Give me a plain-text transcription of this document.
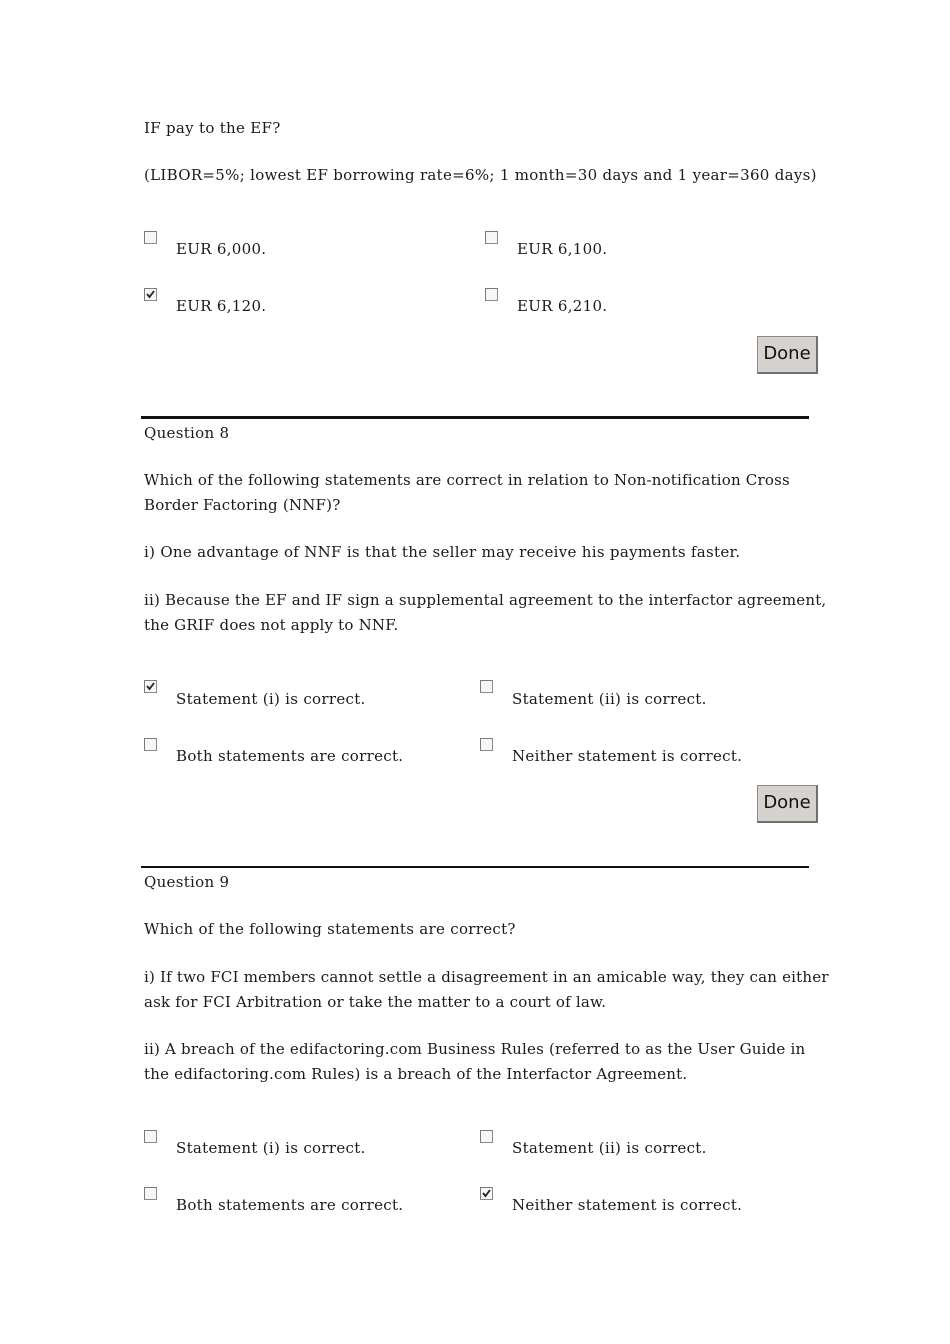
IF pay to the EF?
(LIBOR=5%; lowest EF borrowing rate=6%; 1 month=30 days and 1 year=360 days)
EUR 6,000.	EUR 6,100.
EUR 6,120.	EUR 6,210.
Done
Question 8
Which of the following statements are correct in relation to Non-notification Cross Border Factoring (NNF)?
i) One advantage of NNF is that the seller may receive his payments faster.
ii) Because the EF and IF sign a supplemental agreement to the interfactor agreement, the GRIF does not apply to NNF.
Statement (i) is correct.	Statement (ii) is correct.
Both statements are correct.	Neither statement is correct.
Done
Question 9
Which of the following statements are correct?
i) If two FCI members cannot settle a disagreement in an amicable way, they can either ask for FCI Arbitration or take the matter to a court of law.
ii) A breach of the edifactoring.com Business Rules (referred to as the User Guide in the edifactoring.com Rules) is a breach of the Interfactor Agreement.
Statement (i) is correct.	Statement (ii) is correct.
Both statements are correct.	Neither statement is correct.
